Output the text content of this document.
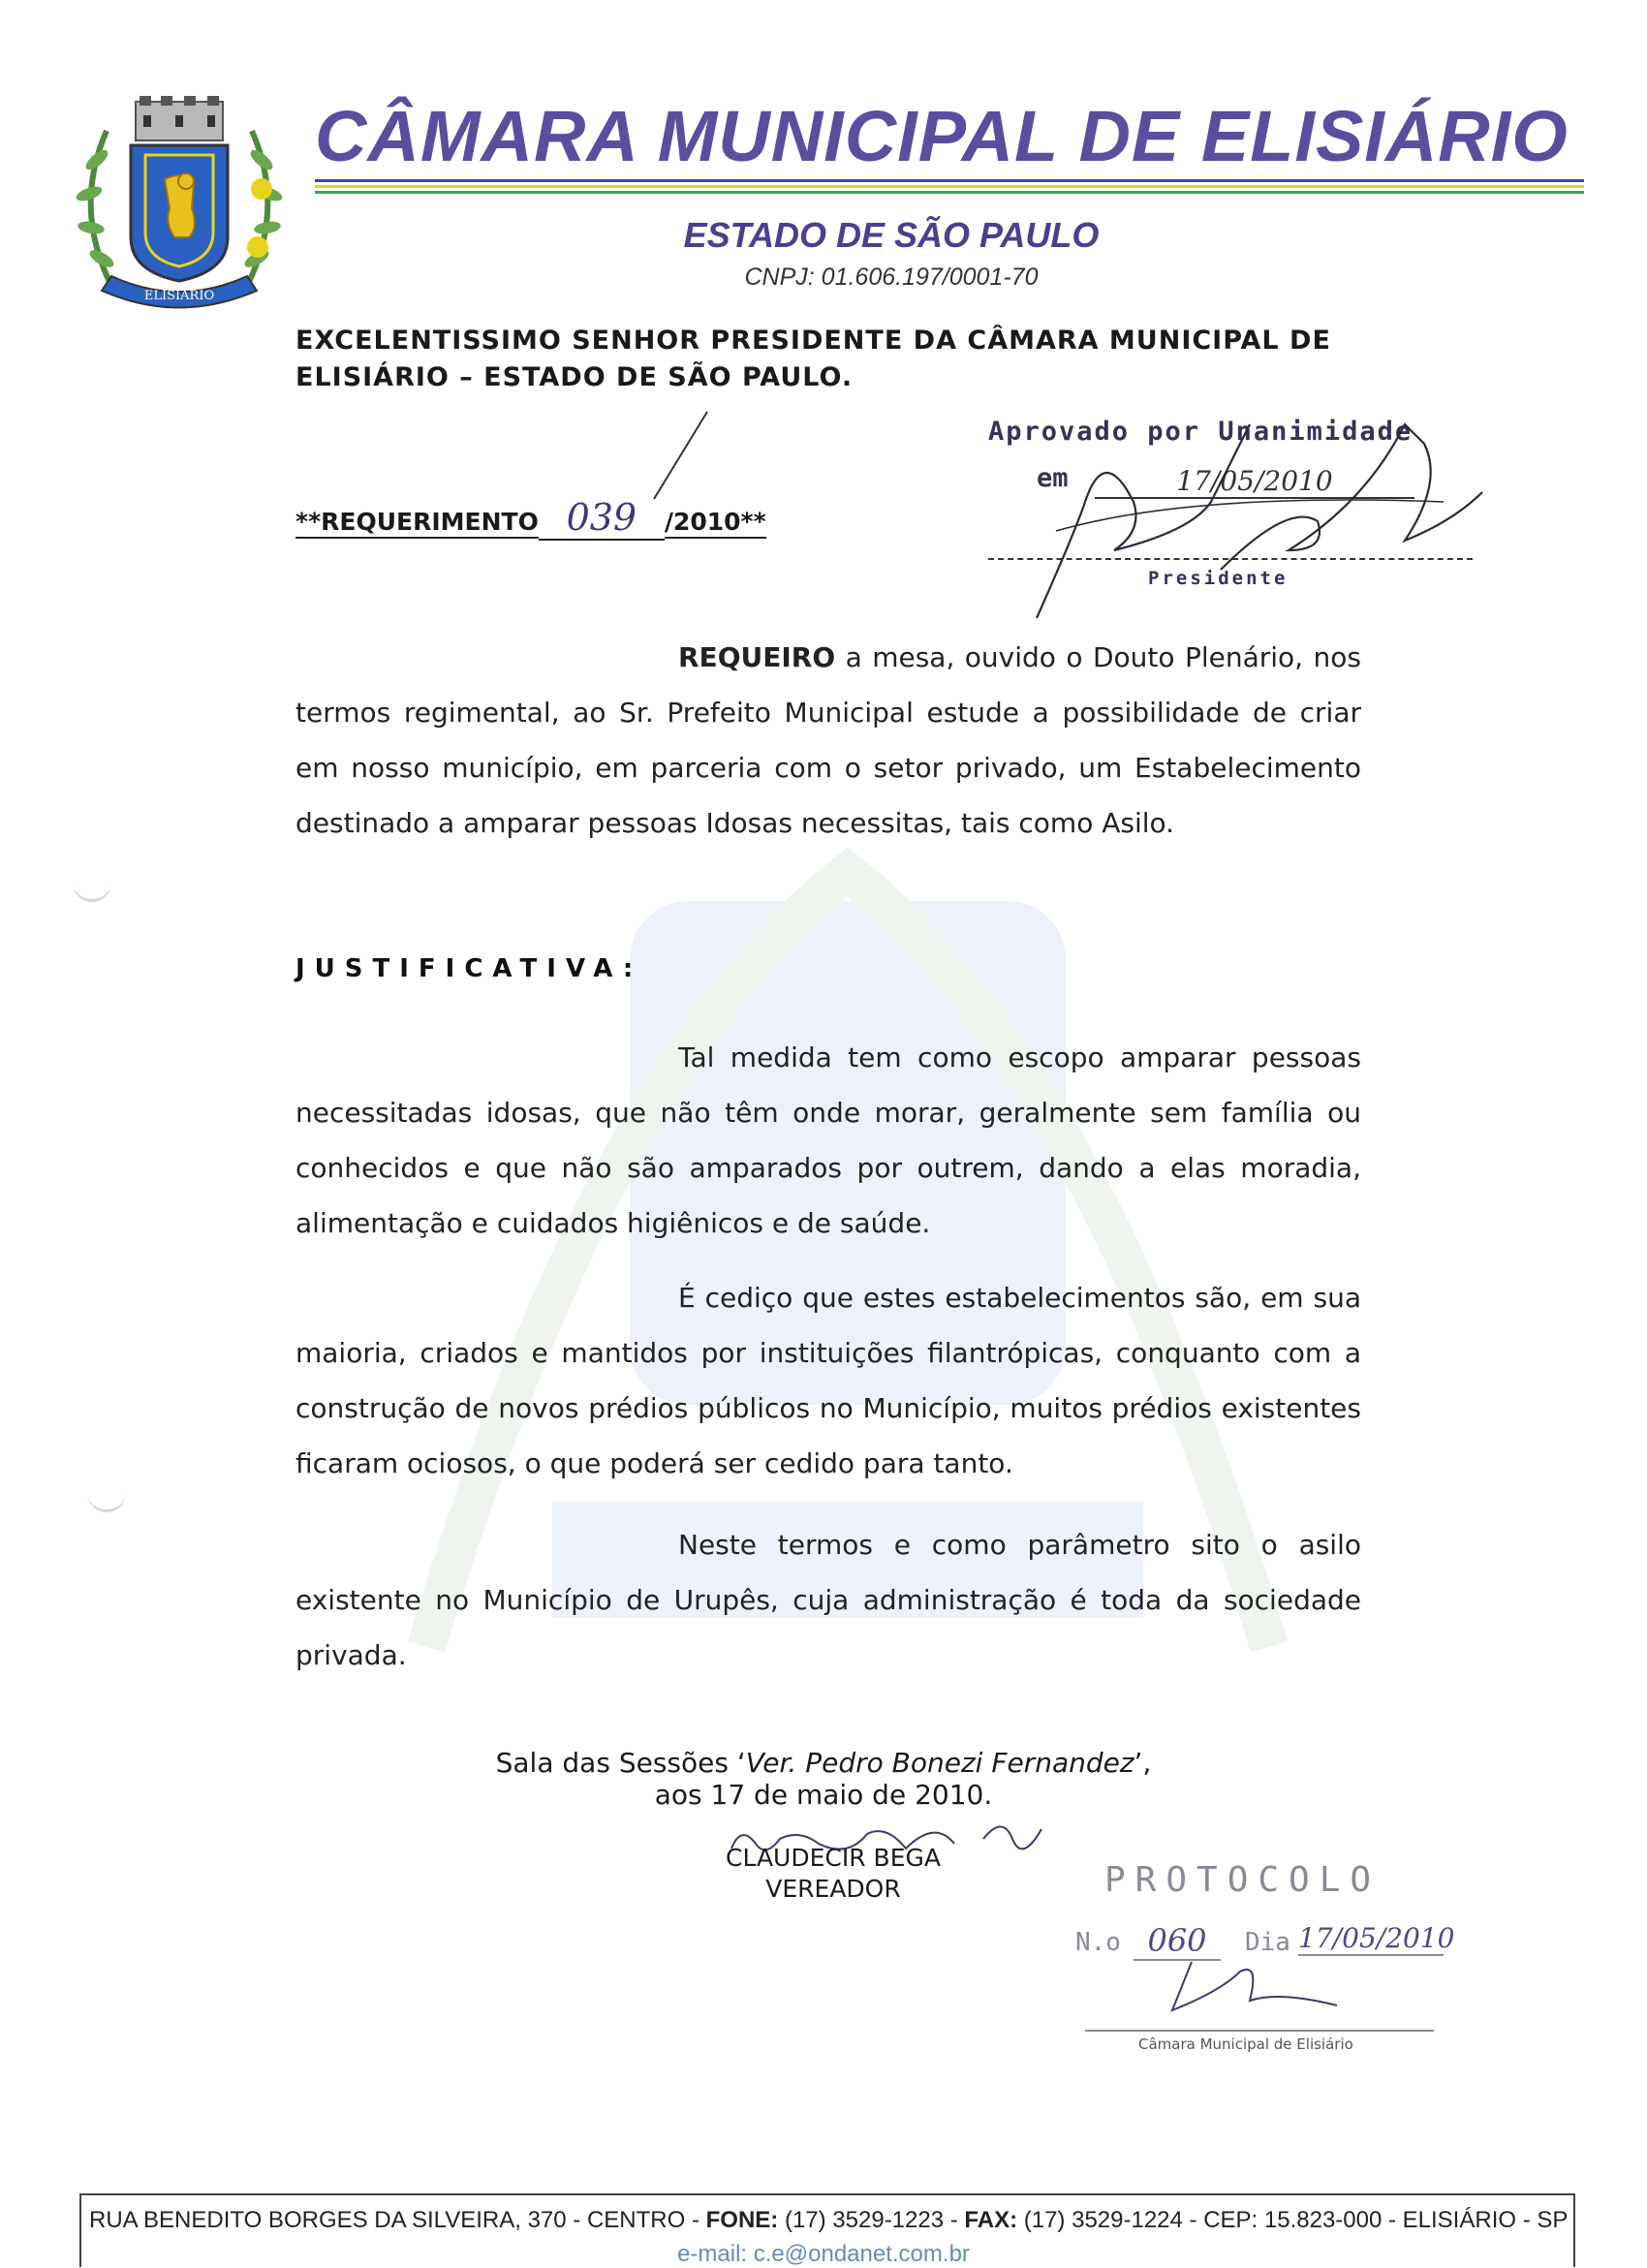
ELISIÁRIO
CÂMARA MUNICIPAL DE ELISIÁRIO
ESTADO DE SÃO PAULO
CNPJ: 01.606.197/0001-70
EXCELENTISSIMO SENHOR PRESIDENTE DA CÂMARA MUNICIPAL DE
ELISIÁRIO – ESTADO DE SÃO PAULO.
**REQUERIMENTO 039 /2010**
Aprovado por Unanimidade
em	17/05/2010
Presidente
REQUEIRO a mesa, ouvido o Douto Plenário, nos termos regimental, ao Sr. Prefeito Municipal estude a possibilidade de criar em nosso município, em parceria com o setor privado, um Estabelecimento destinado a amparar pessoas Idosas necessitas, tais como Asilo.
JUSTIFICATIVA:
Tal medida tem como escopo amparar pessoas necessitadas idosas, que não têm onde morar, geralmente sem família ou conhecidos e que não são amparados por outrem, dando a elas moradia, alimentação e cuidados higiênicos e de saúde.
É cediço que estes estabelecimentos são, em sua maioria, criados e mantidos por instituições filantrópicas, conquanto com a construção de novos prédios públicos no Município, muitos prédios existentes ficaram ociosos, o que poderá ser cedido para tanto.
Neste termos e como parâmetro sito o asilo existente no Município de Urupês, cuja administração é toda da sociedade privada.
Sala das Sessões ‘Ver. Pedro Bonezi Fernandez’,
aos 17 de maio de 2010.
CLAUDECIR BEGA
VEREADOR	PROTOCOLO
N.o 060	Dia 17/05/2010
Câmara Municipal de Elisiário
RUA BENEDITO BORGES DA SILVEIRA, 370 - CENTRO - FONE: (17) 3529-1223 - FAX: (17) 3529-1224 - CEP: 15.823-000 - ELISIÁRIO - SP
e-mail: c.e@ondanet.com.br
